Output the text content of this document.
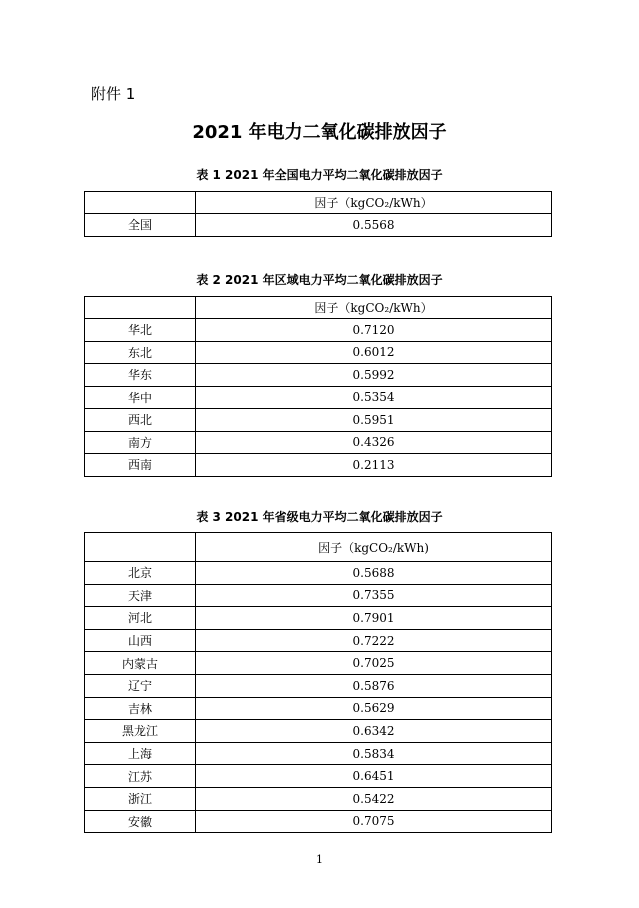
附件 1
2021 年电力二氧化碳排放因子
表 1 2021 年全国电力平均二氧化碳排放因子
	因子（kgCO₂/kWh）
全国	0.5568
表 2 2021 年区域电力平均二氧化碳排放因子
	因子（kgCO₂/kWh）
华北	0.7120
东北	0.6012
华东	0.5992
华中	0.5354
西北	0.5951
南方	0.4326
西南	0.2113
表 3 2021 年省级电力平均二氧化碳排放因子
	因子（kgCO₂/kWh)
北京	0.5688
天津	0.7355
河北	0.7901
山西	0.7222
内蒙古	0.7025
辽宁	0.5876
吉林	0.5629
黑龙江	0.6342
上海	0.5834
江苏	0.6451
浙江	0.5422
安徽	0.7075
1
